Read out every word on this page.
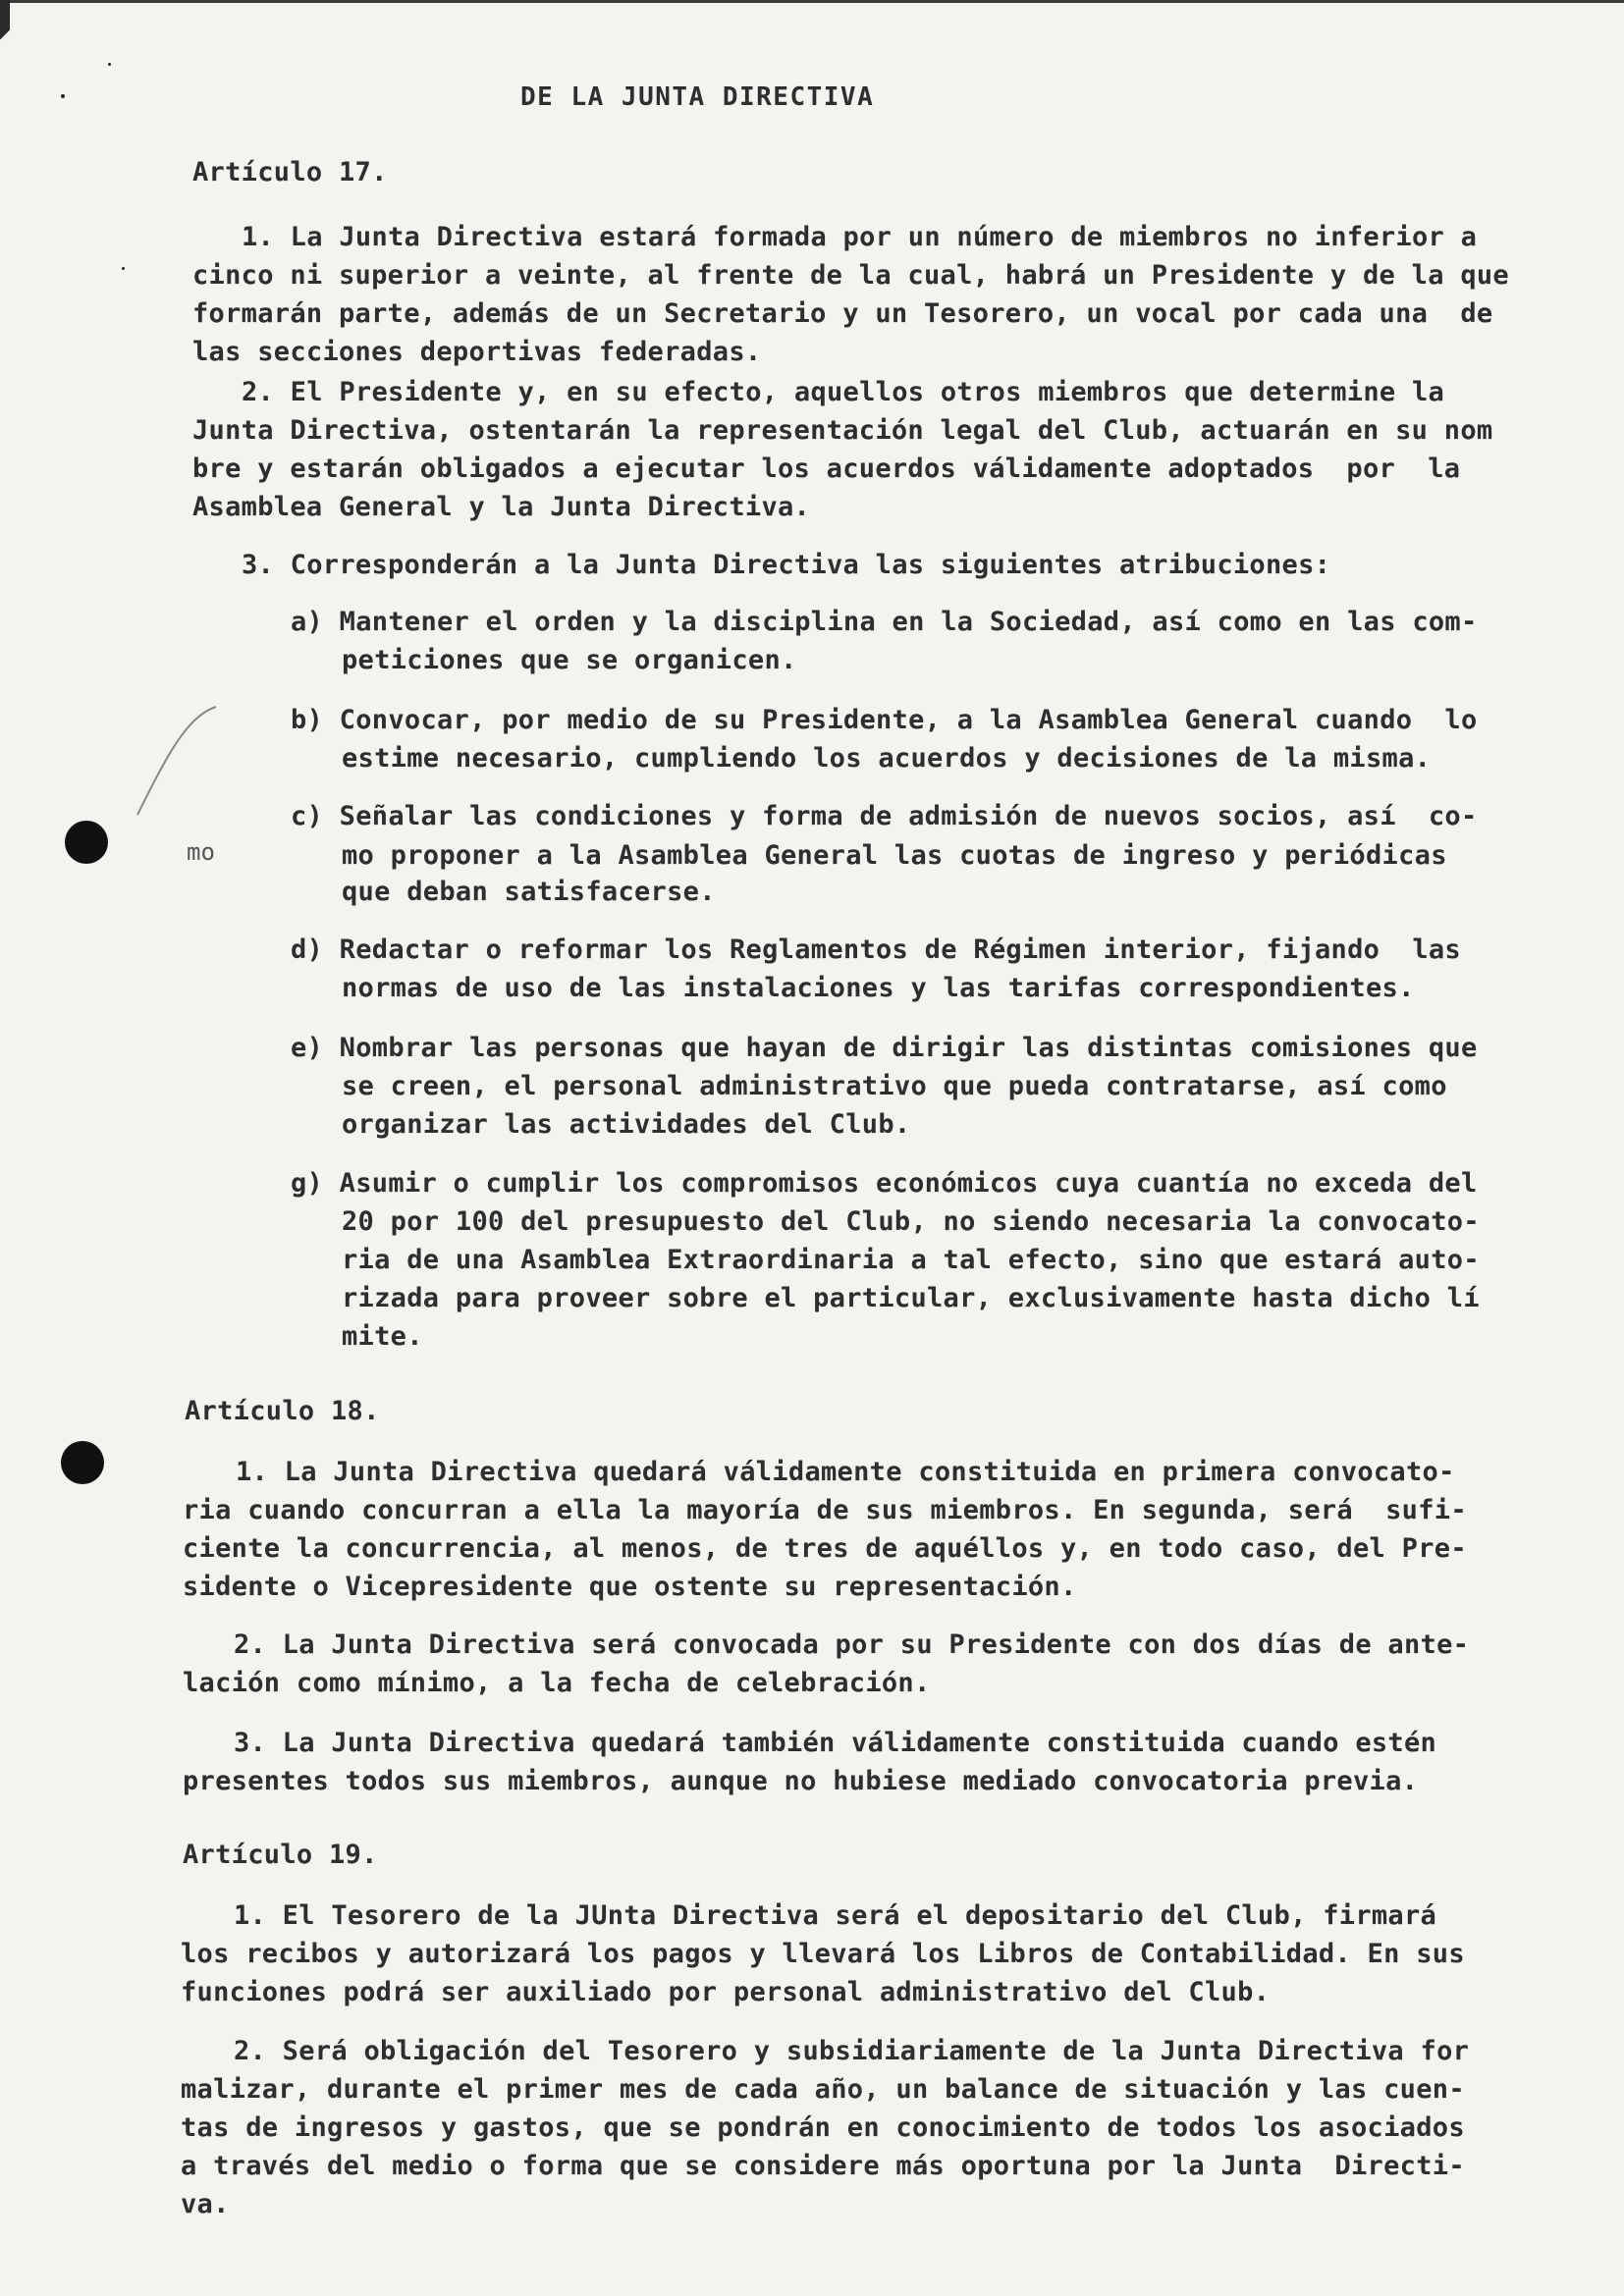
mo
DE LA JUNTA DIRECTIVA
Artículo 17.
1. La Junta Directiva estará formada por un número de miembros no inferior a
cinco ni superior a veinte, al frente de la cual, habrá un Presidente y de la que
formarán parte, además de un Secretario y un Tesorero, un vocal por cada una  de
las secciones deportivas federadas.
2. El Presidente y, en su efecto, aquellos otros miembros que determine la
Junta Directiva, ostentarán la representación legal del Club, actuarán en su nom
bre y estarán obligados a ejecutar los acuerdos válidamente adoptados  por  la
Asamblea General y la Junta Directiva.
3. Corresponderán a la Junta Directiva las siguientes atribuciones:
a) Mantener el orden y la disciplina en la Sociedad, así como en las com-
peticiones que se organicen.
b) Convocar, por medio de su Presidente, a la Asamblea General cuando  lo
estime necesario, cumpliendo los acuerdos y decisiones de la misma.
c) Señalar las condiciones y forma de admisión de nuevos socios, así  co-
mo proponer a la Asamblea General las cuotas de ingreso y periódicas
que deban satisfacerse.
d) Redactar o reformar los Reglamentos de Régimen interior, fijando  las
normas de uso de las instalaciones y las tarifas correspondientes.
e) Nombrar las personas que hayan de dirigir las distintas comisiones que
se creen, el personal administrativo que pueda contratarse, así como
organizar las actividades del Club.
g) Asumir o cumplir los compromisos económicos cuya cuantía no exceda del
20 por 100 del presupuesto del Club, no siendo necesaria la convocato-
ria de una Asamblea Extraordinaria a tal efecto, sino que estará auto-
rizada para proveer sobre el particular, exclusivamente hasta dicho lí
mite.
Artículo 18.
1. La Junta Directiva quedará válidamente constituida en primera convocato-
ria cuando concurran a ella la mayoría de sus miembros. En segunda, será  sufi-
ciente la concurrencia, al menos, de tres de aquéllos y, en todo caso, del Pre-
sidente o Vicepresidente que ostente su representación.
2. La Junta Directiva será convocada por su Presidente con dos días de ante-
lación como mínimo, a la fecha de celebración.
3. La Junta Directiva quedará también válidamente constituida cuando estén
presentes todos sus miembros, aunque no hubiese mediado convocatoria previa.
Artículo 19.
1. El Tesorero de la JUnta Directiva será el depositario del Club, firmará
los recibos y autorizará los pagos y llevará los Libros de Contabilidad. En sus
funciones podrá ser auxiliado por personal administrativo del Club.
2. Será obligación del Tesorero y subsidiariamente de la Junta Directiva for
malizar, durante el primer mes de cada año, un balance de situación y las cuen-
tas de ingresos y gastos, que se pondrán en conocimiento de todos los asociados
a través del medio o forma que se considere más oportuna por la Junta  Directi-
va.
